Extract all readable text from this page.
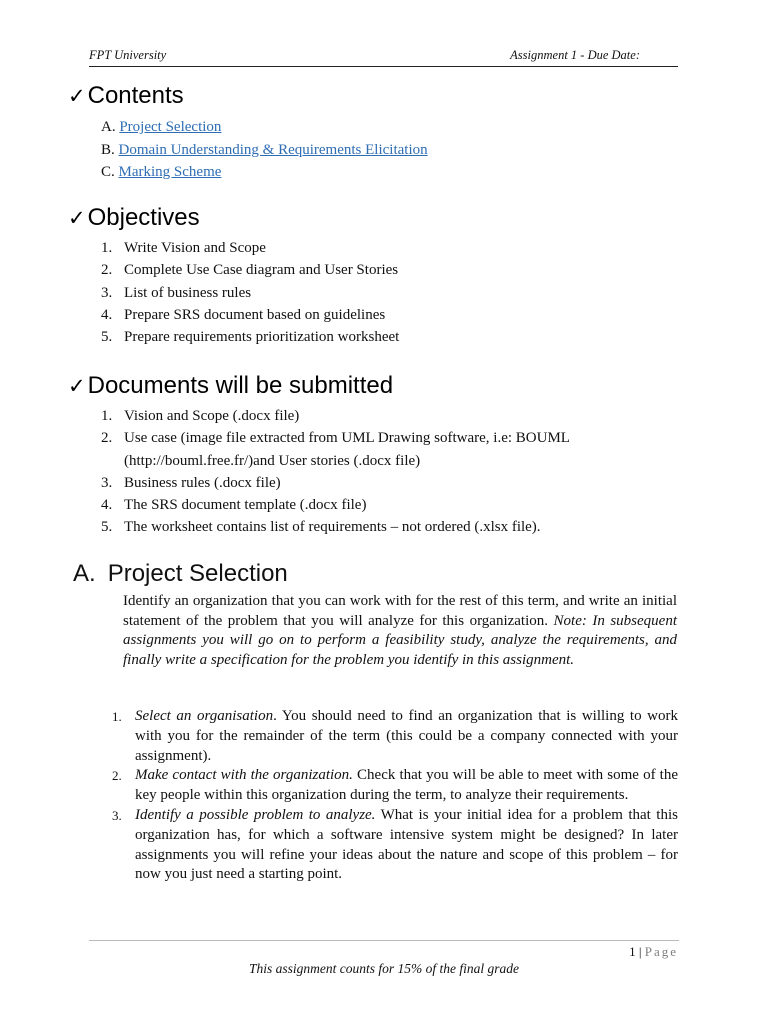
FPT University	Assignment 1 - Due Date:
✓Contents
A. Project Selection
B. Domain Understanding & Requirements Elicitation
C. Marking Scheme
✓Objectives
1. Write Vision and Scope
2. Complete Use Case diagram and User Stories
3. List of business rules
4. Prepare SRS document based on guidelines
5. Prepare requirements prioritization worksheet
✓Documents will be submitted
1. Vision and Scope (.docx file)
2. Use case (image file extracted from UML Drawing software, i.e: BOUML
(http://bouml.free.fr/)and User stories (.docx file)
3. Business rules (.docx file)
4. The SRS document template (.docx file)
5. The worksheet contains list of requirements – not ordered (.xlsx file).
A. Project Selection

Identify an organization that you can work with for the rest of this term, and write an initial statement of the problem that you will analyze for this organization. Note: In subsequent assignments you will go on to perform a feasibility study, analyze the requirements, and finally write a specification for the problem you identify in this assignment.

1. Select an organisation. You should need to find an organization that is willing to work with you for the remainder of the term (this could be a company connected with your assignment).
2. Make contact with the organization. Check that you will be able to meet with some of the key people within this organization during the term, to analyze their requirements.
3. Identify a possible problem to analyze. What is your initial idea for a problem that this organization has, for which a software intensive system might be designed? In later assignments you will refine your ideas about the nature and scope of this problem – for now you just need a starting point.
1 | Page
This assignment counts for 15% of the final grade
